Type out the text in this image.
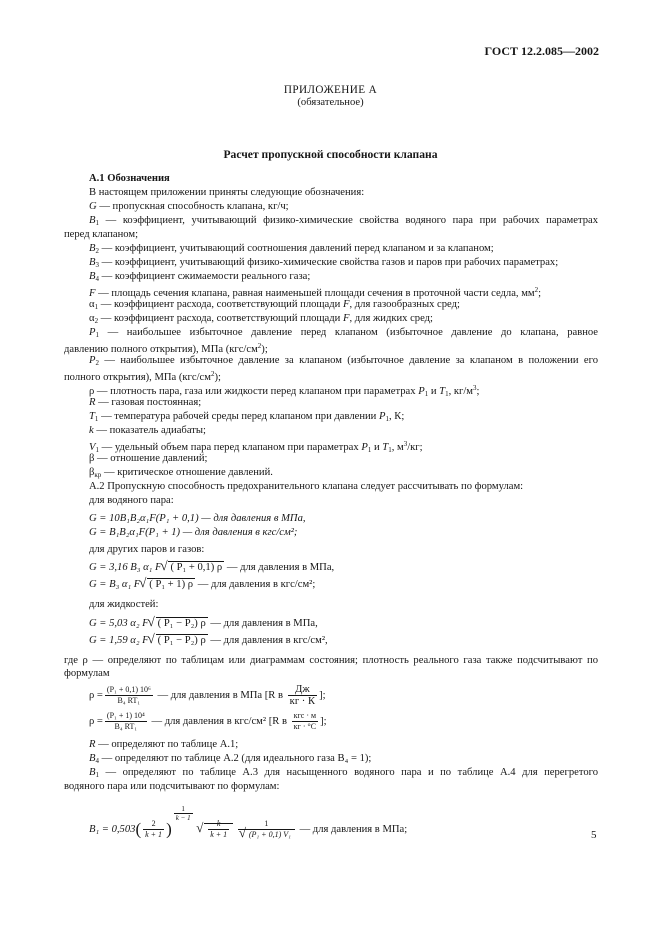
ГОСТ 12.2.085—2002
ПРИЛОЖЕНИЕ А
(обязательное)
Расчет пропускной способности клапана
А.1 Обозначения
В настоящем приложении приняты следующие обозначения:
G — пропускная способность клапана, кг/ч;
$B_1$ — коэффициент, учитывающий физико-химические свойства водяного пара при рабочих параметрах
перед клапаном;
$B_2$ — коэффициент, учитывающий соотношения давлений перед клапаном и за клапаном;
$B_3$ — коэффициент, учитывающий физико-химические свойства газов и паров при рабочих параметрах;
$B_4$ — коэффициент сжимаемости реального газа;
F — площадь сечения клапана, равная наименьшей площади сечения в проточной части седла, $мм^2$;
$\alpha_1$ — коэффициент расхода, соответствующий площади F, для газообразных сред;
$\alpha_2$ — коэффициент расхода, соответствующий площади F, для жидких сред;
$P_1$ — наибольшее избыточное давление перед клапаном (избыточное давление до клапана, равное
давлению полного открытия), МПа $(кгс/см^2)$;
$P_2$ — наибольшее избыточное давление за клапаном (избыточное давление за клапаном в положении его
полного открытия), МПа $(кгс/см^2)$;
ρ — плотность пара, газа или жидкости перед клапаном при параметрах $P_1$ и $T_1$, $кг/м^3$;
R — газовая постоянная;
$T_1$ — температура рабочей среды перед клапаном при давлении $P_1$, К;
k — показатель адиабаты;
$V_1$ — удельный объем пара перед клапаном при параметрах $P_1$ и $T_1$, $м^3/кг$;
β — отношение давлений;
$\beta_{кр}$ — критическое отношение давлений.
А.2 Пропускную способность предохранительного клапана следует рассчитывать по формулам:
для водяного пара:
G = 10B₁B₂α₁F(P₁ + 0,1) — для давления в МПа,
G = B₁B₂α₁F(P₁ + 1) — для давления в кгс/см²;
для других паров и газов:
G = 3,16 B₃ α₁ F √ ( P₁ + 0,1) ρ — для давления в МПа,
G = B₃ α₁ F √ ( P₁ + 1) ρ — для давления в кгс/см²;
для жидкостей:
G = 5,03 α₂ F √ ( P₁ − P₂) ρ — для давления в МПа,
G = 1,59 α₂ F √ ( P₁ − P₂) ρ — для давления в кгс/см²,
где ρ — определяют по таблицам или диаграммам состояния; плотность реального газа также подсчитывают по
формулам
$\rho = \frac{\text{(P₁ + 0,1) 10⁶}}{\text{B₄ RT₁}}$ — для давления в МПа [R в $\frac{Дж}{кг \cdot К}$ ];
$\rho = \frac{\text{(P₁ + 1) 10⁴}}{\text{B₄ RT₁}}$ — для давления в кгс/см² [R в $\frac{\text{кгс · м}}{кг \cdot ^\circ С}$ ];
R — определяют по таблице А.1;
$B_4$ — определяют по таблице А.2 (для идеального газа B₄ = 1);
$B_1$ — определяют по таблице А.3 для насыщенного водяного пара и по таблице А.4 для перегретого
водяного пара или подсчитывают по формулам:
$B_1 = 0,503( \frac{2}{k + 1}$ )
$\frac{1}{k - 1}$

√ $\frac{k}{k + 1}$
1
√ (P₁ + 0,1) V₁ — для давления в МПа;	5
